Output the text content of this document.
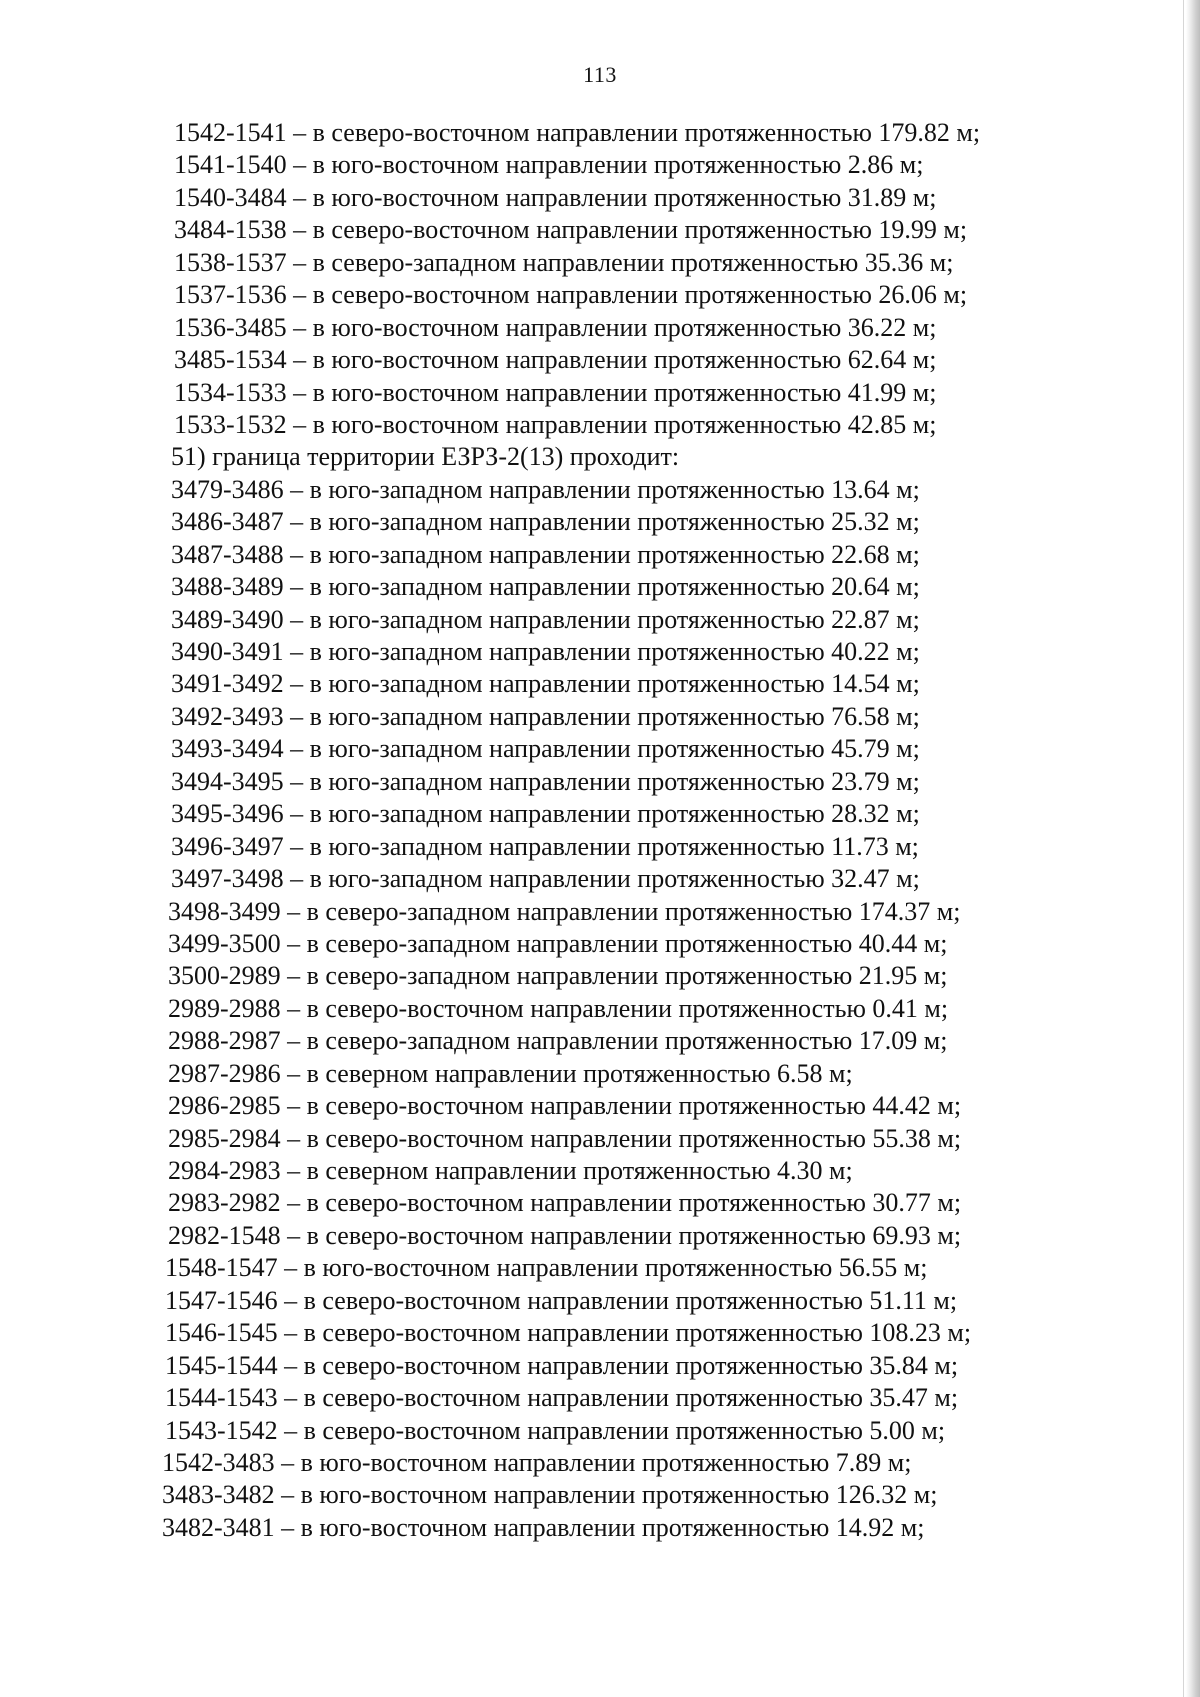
113
1542-1541 – в северо-восточном направлении протяженностью 179.82 м;
1541-1540 – в юго-восточном направлении протяженностью 2.86 м;
1540-3484 – в юго-восточном направлении протяженностью 31.89 м;
3484-1538 – в северо-восточном направлении протяженностью 19.99 м;
1538-1537 – в северо-западном направлении протяженностью 35.36 м;
1537-1536 – в северо-восточном направлении протяженностью 26.06 м;
1536-3485 – в юго-восточном направлении протяженностью 36.22 м;
3485-1534 – в юго-восточном направлении протяженностью 62.64 м;
1534-1533 – в юго-восточном направлении протяженностью 41.99 м;
1533-1532 – в юго-восточном направлении протяженностью 42.85 м;
51) граница территории ЕЗРЗ-2(13) проходит:
3479-3486 – в юго-западном направлении протяженностью 13.64 м;
3486-3487 – в юго-западном направлении протяженностью 25.32 м;
3487-3488 – в юго-западном направлении протяженностью 22.68 м;
3488-3489 – в юго-западном направлении протяженностью 20.64 м;
3489-3490 – в юго-западном направлении протяженностью 22.87 м;
3490-3491 – в юго-западном направлении протяженностью 40.22 м;
3491-3492 – в юго-западном направлении протяженностью 14.54 м;
3492-3493 – в юго-западном направлении протяженностью 76.58 м;
3493-3494 – в юго-западном направлении протяженностью 45.79 м;
3494-3495 – в юго-западном направлении протяженностью 23.79 м;
3495-3496 – в юго-западном направлении протяженностью 28.32 м;
3496-3497 – в юго-западном направлении протяженностью 11.73 м;
3497-3498 – в юго-западном направлении протяженностью 32.47 м;
3498-3499 – в северо-западном направлении протяженностью 174.37 м;
3499-3500 – в северо-западном направлении протяженностью 40.44 м;
3500-2989 – в северо-западном направлении протяженностью 21.95 м;
2989-2988 – в северо-восточном направлении протяженностью 0.41 м;
2988-2987 – в северо-западном направлении протяженностью 17.09 м;
2987-2986 – в северном направлении протяженностью 6.58 м;
2986-2985 – в северо-восточном направлении протяженностью 44.42 м;
2985-2984 – в северо-восточном направлении протяженностью 55.38 м;
2984-2983 – в северном направлении протяженностью 4.30 м;
2983-2982 – в северо-восточном направлении протяженностью 30.77 м;
2982-1548 – в северо-восточном направлении протяженностью 69.93 м;
1548-1547 – в юго-восточном направлении протяженностью 56.55 м;
1547-1546 – в северо-восточном направлении протяженностью 51.11 м;
1546-1545 – в северо-восточном направлении протяженностью 108.23 м;
1545-1544 – в северо-восточном направлении протяженностью 35.84 м;
1544-1543 – в северо-восточном направлении протяженностью 35.47 м;
1543-1542 – в северо-восточном направлении протяженностью 5.00 м;
1542-3483 – в юго-восточном направлении протяженностью 7.89 м;
3483-3482 – в юго-восточном направлении протяженностью 126.32 м;
3482-3481 – в юго-восточном направлении протяженностью 14.92 м;
